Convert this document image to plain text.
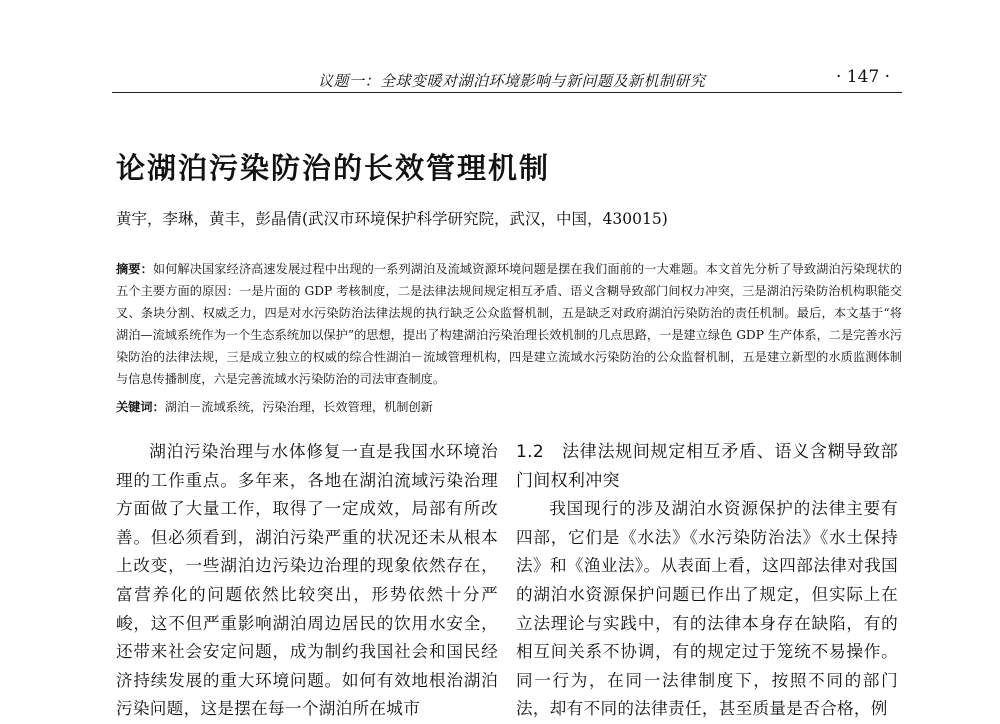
议题一：全球变暖对湖泊环境影响与新问题及新机制研究	· 147 ·
论湖泊污染防治的长效管理机制
黄宇，李琳，黄丰，彭晶倩(武汉市环境保护科学研究院，武汉，中国，430015)
摘要：如何解决国家经济高速发展过程中出现的一系列湖泊及流域资源环境问题是摆在我们面前的一大难题。本文首先分析了导致湖泊污染现状的五个主要方面的原因：一是片面的 GDP 考核制度，二是法律法规间规定相互矛盾、语义含糊导致部门间权力冲突，三是湖泊污染防治机构职能交叉、条块分割、权威乏力，四是对水污染防治法律法规的执行缺乏公众监督机制，五是缺乏对政府湖泊污染防治的责任机制。最后，本文基于“将湖泊—流域系统作为一个生态系统加以保护”的思想，提出了构建湖泊污染治理长效机制的几点思路，一是建立绿色 GDP 生产体系，二是完善水污染防治的法律法规，三是成立独立的权威的综合性湖泊－流域管理机构，四是建立流域水污染防治的公众监督机制，五是建立新型的水质监测体制与信息传播制度，六是完善流域水污染防治的司法审查制度。
关键词：湖泊－流域系统，污染治理，长效管理，机制创新

湖泊污染治理与水体修复一直是我国水环境治理的工作重点。多年来，各地在湖泊流域污染治理方面做了大量工作，取得了一定成效，局部有所改善。但必须看到，湖泊污染严重的状况还未从根本上改变，一些湖泊边污染边治理的现象依然存在，富营养化的问题依然比较突出，形势依然十分严峻，这不但严重影响湖泊周边居民的饮用水安全，还带来社会安定问题，成为制约我国社会和国民经济持续发展的重大环境问题。如何有效地根治湖泊污染问题，这是摆在每一个湖泊所在城市

1.2　法律法规间规定相互矛盾、语义含糊导致部门间权利冲突

我国现行的涉及湖泊水资源保护的法律主要有四部，它们是《水法》《水污染防治法》《水土保持法》和《渔业法》。从表面上看，这四部法律对我国的湖泊水资源保护问题已作出了规定，但实际上在立法理论与实践中，有的法律本身存在缺陷，有的相互间关系不协调，有的规定过于笼统不易操作。同一行为，在同一法律制度下，按照不同的部门法，却有不同的法律责任，甚至质量是否合格，例
